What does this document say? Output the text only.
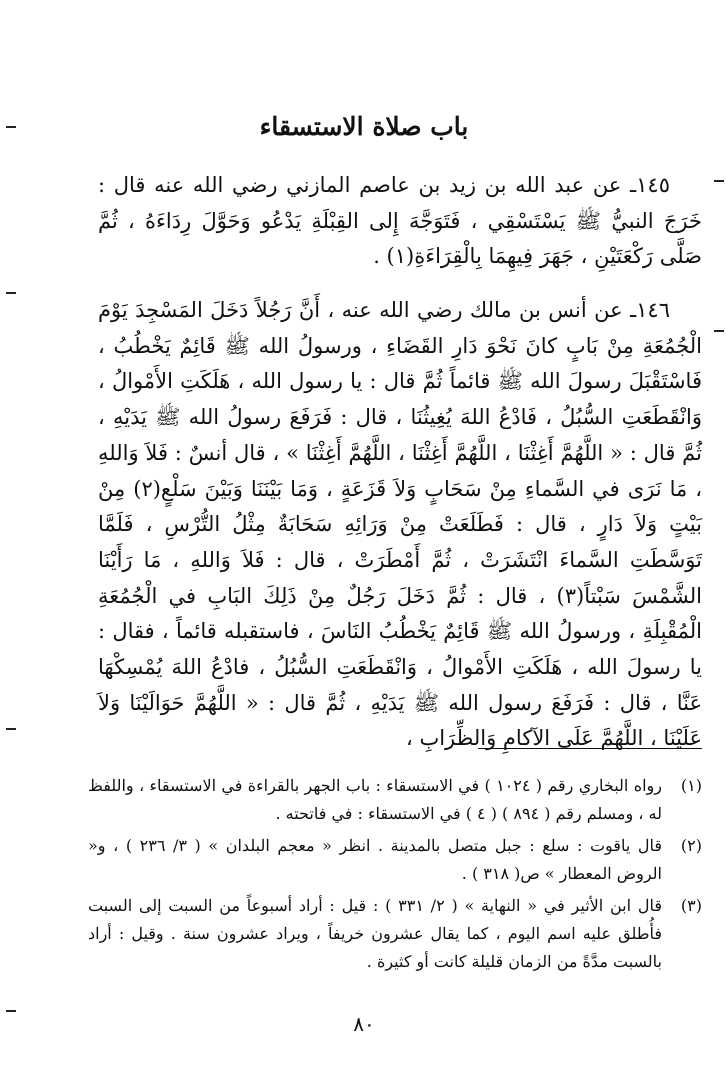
باب صلاة الاستسقاء

١٤٥ـ عن عبد الله بن زيد بن عاصم المازني رضي الله عنه قال : خَرَجَ النبيُّ ﷺ يَسْتَسْقِي ، فَتَوَجَّهَ إِلى القِبْلَةِ يَدْعُو وَحَوَّلَ رِدَاءَهُ ، ثُمَّ صَلَّى رَكْعَتَيْنِ ، جَهَرَ فِيهِمَا بِالْقِرَاءَةِ(١) .

١٤٦ـ عن أنس بن مالك رضي الله عنه ، أَنَّ رَجُلاً دَخَلَ المَسْجِدَ يَوْمَ الْجُمُعَةِ مِنْ بَابٍ كانَ نَحْوَ دَارِ القَضَاءِ ، ورسولُ الله ﷺ قَائِمٌ يَخْطُبُ ، فَاسْتَقْبَلَ رسولَ الله ﷺ قائماً ثُمَّ قال : يا رسول الله ، هَلَكَتِ الأَمْوالُ ، وَانْقَطَعَتِ السُّبُلُ ، فَادْعُ اللهَ يُغِيثُنَا ، قال : فَرَفَعَ رسولُ الله ﷺ يَدَيْهِ ، ثُمَّ قال : « اللَّهُمَّ أَغِثْنَا ، اللَّهُمَّ أَغِثْنَا ، اللَّهُمَّ أَغِثْنَا » ، قال أنسٌ : فَلاَ وَاللهِ ، مَا نَرَى في السَّماءِ مِنْ سَحَابٍ وَلاَ قَزَعَةٍ ، وَمَا بَيْنَنَا وَبَيْنَ سَلْعٍ(٢) مِنْ بَيْتٍ وَلاَ دَارٍ ، قال : فَطَلَعَتْ مِنْ وَرَائِهِ سَحَابَةٌ مِثْلُ التُّرْسِ ، فَلَمَّا تَوَسَّطَتِ السَّماءَ انْتَشَرَتْ ، ثُمَّ أَمْطَرَتْ ، قال : فَلاَ وَاللهِ ، مَا رَأَيْنَا الشَّمْسَ سَبْتاً(٣) ، قال : ثُمَّ دَخَلَ رَجُلٌ مِنْ ذَلِكَ البَابِ في الْجُمُعَةِ الْمُقْبِلَةِ ، ورسولُ الله ﷺ قَائِمٌ يَخْطُبُ النَاسَ ، فاستقبله قائماً ، فقال : يا رسولَ الله ، هَلَكَتِ الأَمْوالُ ، وَانْقَطَعَتِ السُّبُلُ ، فادْعُ اللهَ يُمْسِكْهَا عَنَّا ، قال : فَرَفَعَ رسول الله ﷺ يَدَيْهِ ، ثُمَّ قال : « اللَّهُمَّ حَوَالَيْنَا وَلاَ عَلَيْنَا ، اللَّهُمَّ عَلَى الآكامِ وَالظِّرَابِ ،

(١)
رواه البخاري رقم ( ١٠٢٤ ) في الاستسقاء : باب الجهر بالقراءة في الاستسقاء ، واللفظ له ، ومسلم رقم ( ٨٩٤ ) ( ٤ ) في الاستسقاء : في فاتحته .
(٢)
قال ياقوت : سلع : جبل متصل بالمدينة . انظر « معجم البلدان » ( ٣/ ٢٣٦ ) ، و« الروض المعطار » ص( ٣١٨ ) .
(٣)
قال ابن الأثير في « النهاية » ( ٢/ ٣٣١ ) : قيل : أراد أسبوعاً من السبت إلى السبت فأُطلق عليه اسم اليوم ، كما يقال عشرون خريفاً ، ويراد عشرون سنة . وقيل : أراد بالسبت مدَّةً من الزمان قليلة كانت أو كثيرة .
٨٠
